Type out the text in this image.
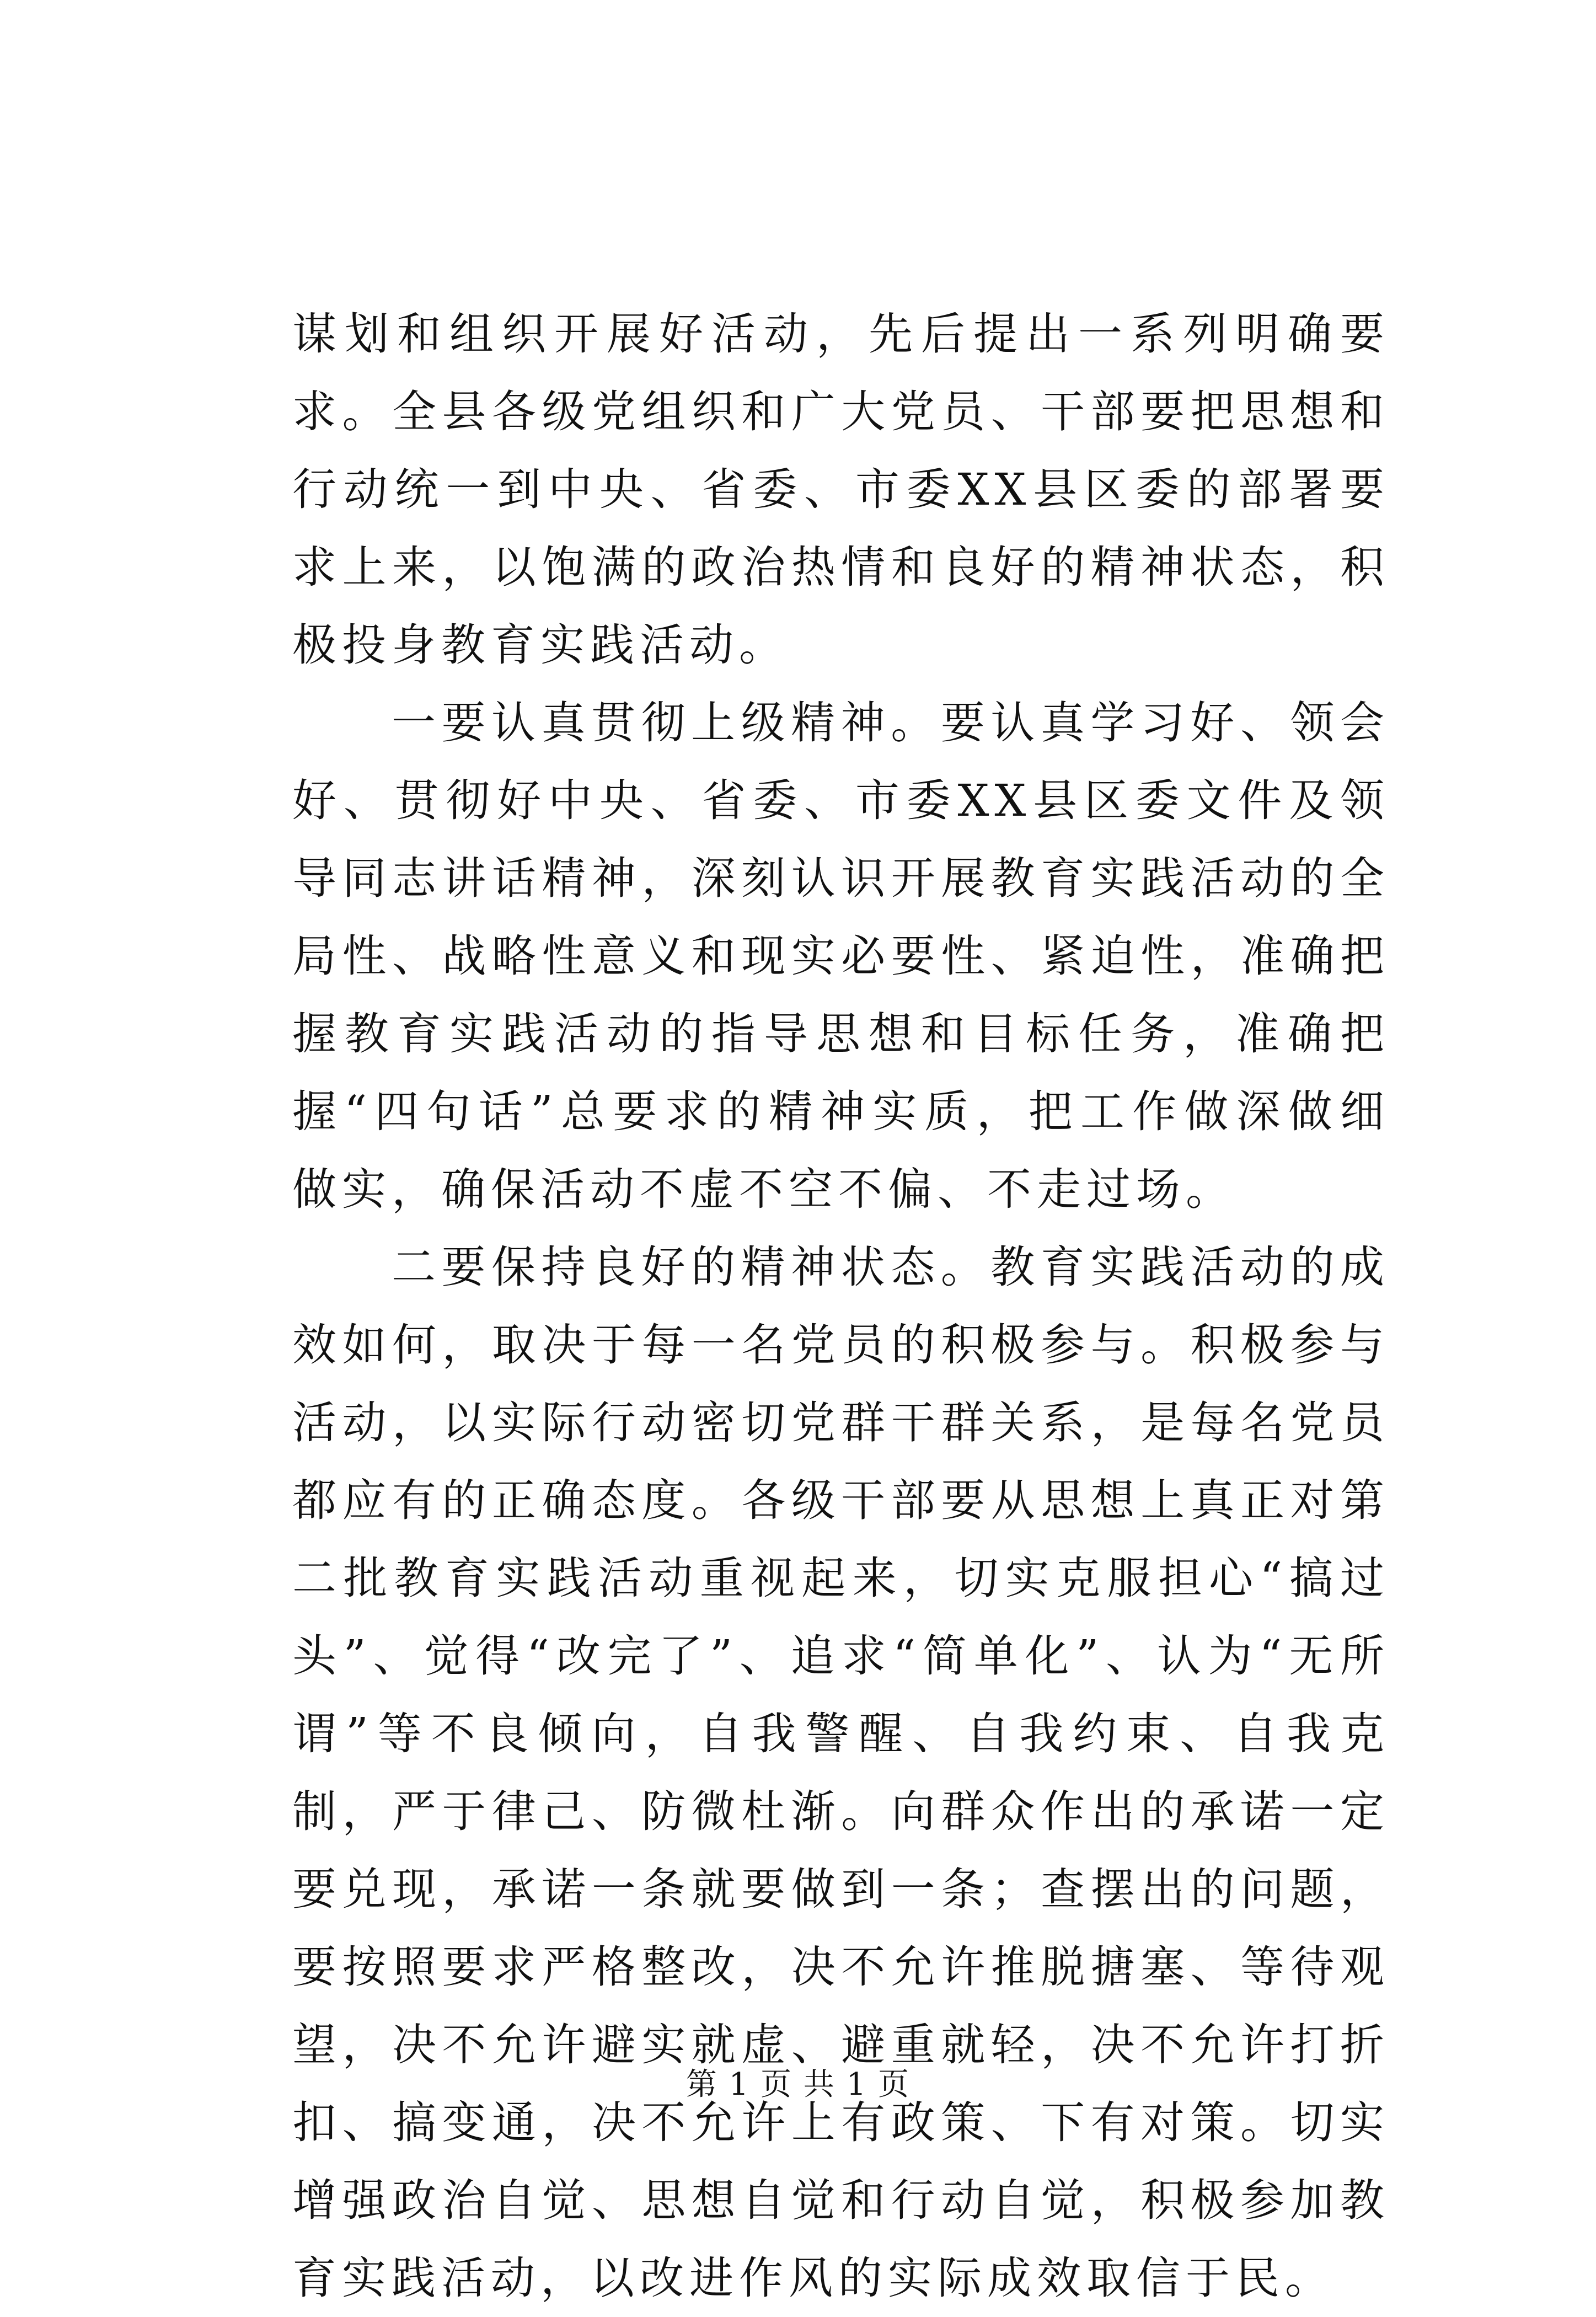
谋划和组织开展好活动，先后提出一系列明确要求。全县各级党组织和广大党员、干部要把思想和行动统一到中央、省委、市委XX县区委的部署要求上来，以饱满的政治热情和良好的精神状态，积极投身教育实践活动。

一要认真贯彻上级精神。要认真学习好、领会好、贯彻好中央、省委、市委XX县区委文件及领导同志讲话精神，深刻认识开展教育实践活动的全局性、战略性意义和现实必要性、紧迫性，准确把握教育实践活动的指导思想和目标任务，准确把握“四句话”总要求的精神实质，把工作做深做细做实，确保活动不虚不空不偏、不走过场。

二要保持良好的精神状态。教育实践活动的成效如何，取决于每一名党员的积极参与。积极参与活动，以实际行动密切党群干群关系，是每名党员都应有的正确态度。各级干部要从思想上真正对第二批教育实践活动重视起来，切实克服担心“搞过头”、觉得“改完了”、追求“简单化”、认为“无所谓”等不良倾向，自我警醒、自我约束、自我克制，严于律己、防微杜渐。向群众作出的承诺一定要兑现，承诺一条就要做到一条；查摆出的问题，要按照要求严格整改，决不允许推脱搪塞、等待观望，决不允许避实就虚、避重就轻，决不允许打折扣、搞变通，决不允许上有政策、下有对策。切实增强政治自觉、思想自觉和行动自觉，积极参加教育实践活动，以改进作风的实际成效取信于民。

第 1 页 共 1 页
